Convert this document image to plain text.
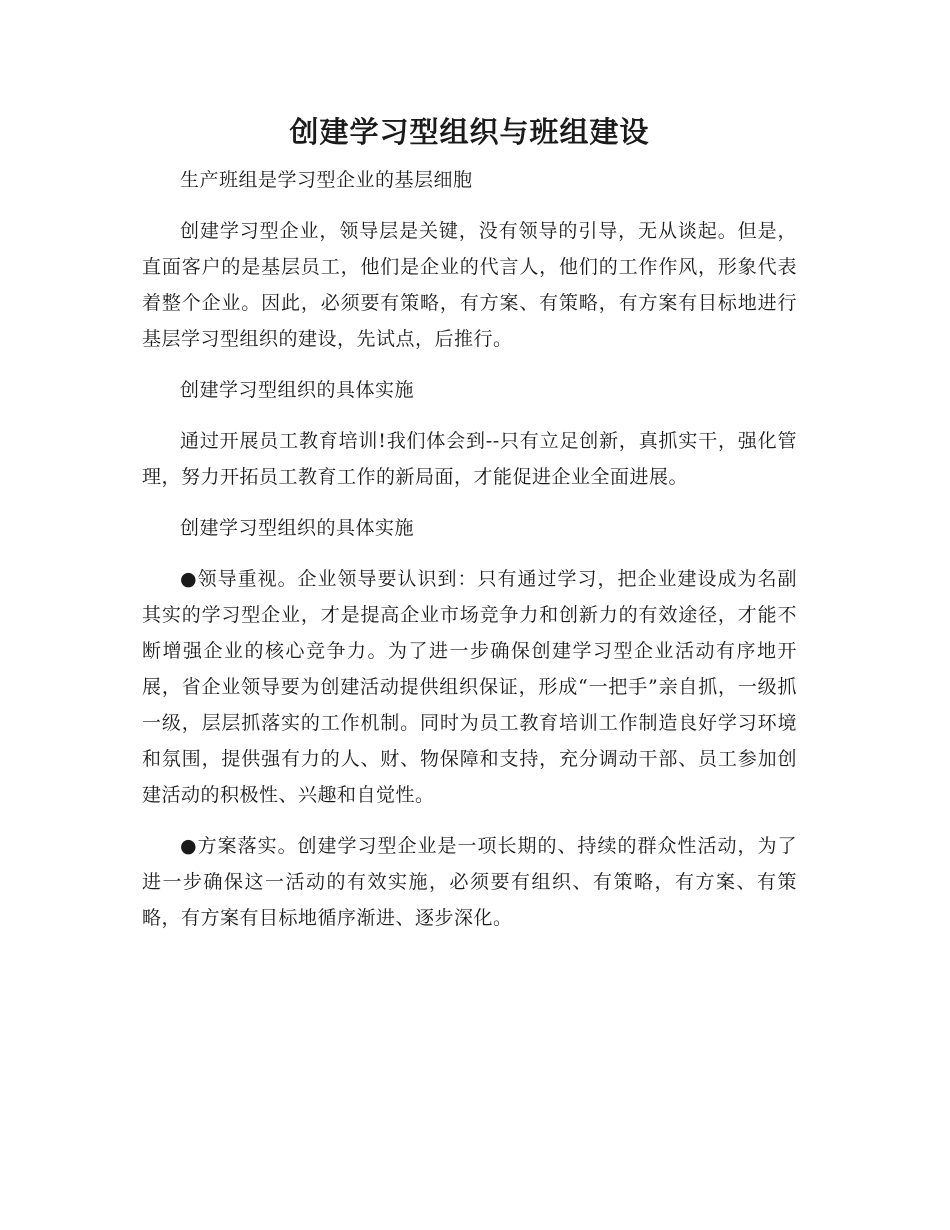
创建学习型组织与班组建设

生产班组是学习型企业的基层细胞

创建学习型企业，领导层是关键，没有领导的引导，无从谈起。但是，直面客户的是基层员工，他们是企业的代言人，他们的工作作风，形象代表着整个企业。因此，必须要有策略，有方案、有策略，有方案有目标地进行基层学习型组织的建设，先试点，后推行。

创建学习型组织的具体实施

通过开展员工教育培训!我们体会到--只有立足创新，真抓实干，强化管理，努力开拓员工教育工作的新局面，才能促进企业全面进展。

创建学习型组织的具体实施

●领导重视。企业领导要认识到：只有通过学习，把企业建设成为名副其实的学习型企业，才是提高企业市场竞争力和创新力的有效途径，才能不断增强企业的核心竞争力。为了进一步确保创建学习型企业活动有序地开展，省企业领导要为创建活动提供组织保证，形成“一把手”亲自抓，一级抓一级，层层抓落实的工作机制。同时为员工教育培训工作制造良好学习环境和氛围，提供强有力的人、财、物保障和支持，充分调动干部、员工参加创建活动的积极性、兴趣和自觉性。

●方案落实。创建学习型企业是一项长期的、持续的群众性活动，为了进一步确保这一活动的有效实施，必须要有组织、有策略，有方案、有策略，有方案有目标地循序渐进、逐步深化。
